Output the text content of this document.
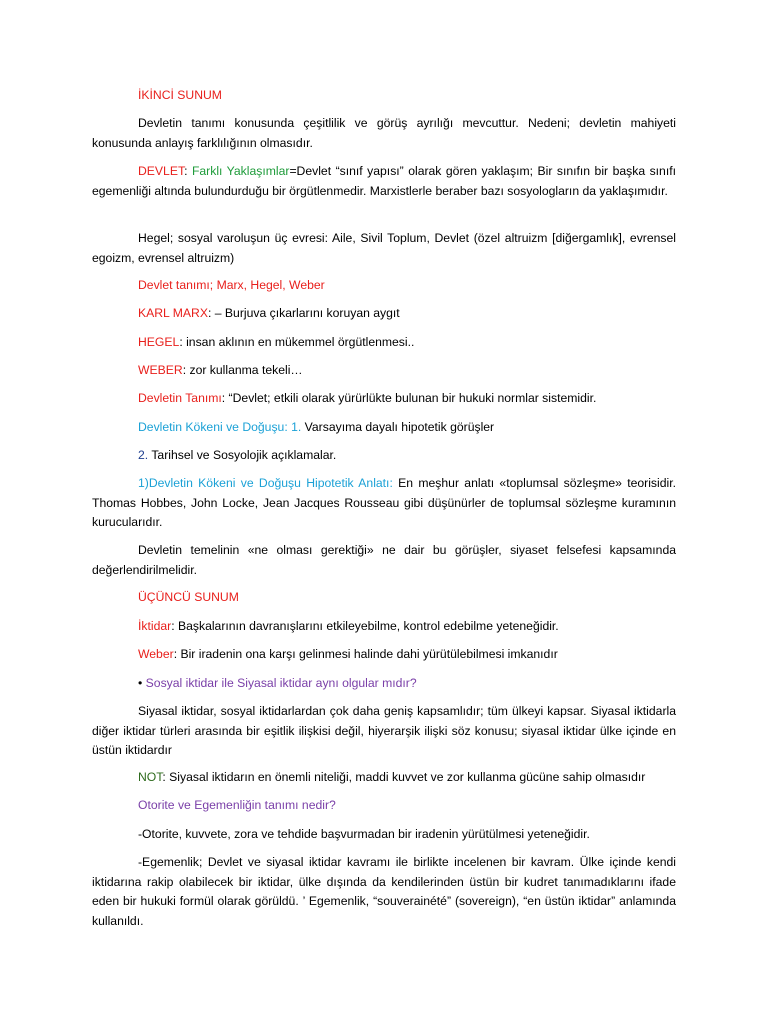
İKİNCİ SUNUM

Devletin tanımı konusunda çeşitlilik ve görüş ayrılığı mevcuttur. Nedeni; devletin mahiyeti konusunda anlayış farklılığının olmasıdır.

DEVLET: Farklı Yaklaşımlar=Devlet “sınıf yapısı” olarak gören yaklaşım; Bir sınıfın bir başka sınıfı egemenliği altında bulundurduğu bir örgütlenmedir. Marxistlerle beraber bazı sosyologların da yaklaşımıdır.

Hegel; sosyal varoluşun üç evresi: Aile, Sivil Toplum, Devlet (özel altruizm [diğergamlık], evrensel egoizm, evrensel altruizm)

Devlet tanımı; Marx, Hegel, Weber

KARL MARX: – Burjuva çıkarlarını koruyan aygıt

HEGEL: insan aklının en mükemmel örgütlenmesi..

WEBER: zor kullanma tekeli…

Devletin Tanımı: “Devlet; etkili olarak yürürlükte bulunan bir hukuki normlar sistemidir.

Devletin Kökeni ve Doğuşu: 1. Varsayıma dayalı hipotetik görüşler

2. Tarihsel ve Sosyolojik açıklamalar.

1)Devletin Kökeni ve Doğuşu Hipotetik Anlatı: En meşhur anlatı «toplumsal sözleşme» teorisidir. Thomas Hobbes, John Locke, Jean Jacques Rousseau gibi düşünürler de toplumsal sözleşme kuramının kurucularıdır.

Devletin temelinin «ne olması gerektiği» ne dair bu görüşler, siyaset felsefesi kapsamında değerlendirilmelidir.

ÜÇÜNCÜ SUNUM

İktidar: Başkalarının davranışlarını etkileyebilme, kontrol edebilme yeteneğidir.

Weber: Bir iradenin ona karşı gelinmesi halinde dahi yürütülebilmesi imkanıdır

• Sosyal iktidar ile Siyasal iktidar aynı olgular mıdır?

Siyasal iktidar, sosyal iktidarlardan çok daha geniş kapsamlıdır; tüm ülkeyi kapsar. Siyasal iktidarla diğer iktidar türleri arasında bir eşitlik ilişkisi değil, hiyerarşik ilişki söz konusu; siyasal iktidar ülke içinde en üstün iktidardır

NOT: Siyasal iktidarın en önemli niteliği, maddi kuvvet ve zor kullanma gücüne sahip olmasıdır

Otorite ve Egemenliğin tanımı nedir?

-Otorite, kuvvete, zora ve tehdide başvurmadan bir iradenin yürütülmesi yeteneğidir.

-Egemenlik; Devlet ve siyasal iktidar kavramı ile birlikte incelenen bir kavram. Ülke içinde kendi iktidarına rakip olabilecek bir iktidar, ülke dışında da kendilerinden üstün bir kudret tanımadıklarını ifade eden bir hukuki formül olarak görüldü. ’ Egemenlik, “souverainété” (sovereign), “en üstün iktidar” anlamında kullanıldı.
